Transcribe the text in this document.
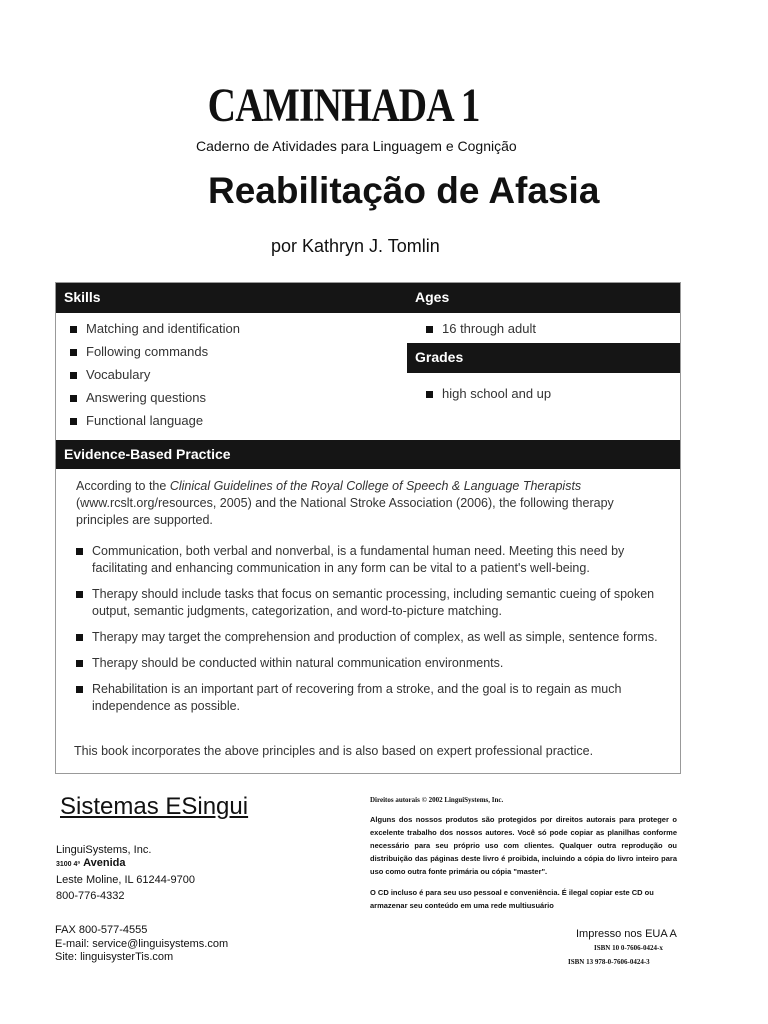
CAMINHADA 1
Caderno de Atividades para Linguagem e Cognição
Reabilitação de Afasia
por Kathryn J. Tomlin
Skills	Ages
Matching and identification
Following commands
Vocabulary
Answering questions
Functional language
16 through adult
Grades
high school and up
Evidence-Based Practice
According to the Clinical Guidelines of the Royal College of Speech & Language Therapists (www.rcslt.org/resources, 2005) and the National Stroke Association (2006), the following therapy principles are supported.
Communication, both verbal and nonverbal, is a fundamental human need. Meeting this need by facilitating and enhancing communication in any form can be vital to a patient's well-being.
Therapy should include tasks that focus on semantic processing, including semantic cueing of spoken output, semantic judgments, categorization, and word-to-picture matching.
Therapy may target the comprehension and production of complex, as well as simple, sentence forms.
Therapy should be conducted within natural communication environments.
Rehabilitation is an important part of recovering from a stroke, and the goal is to regain as much independence as possible.
This book incorporates the above principles and is also based on expert professional practice.
Sistemas ESingui
LinguiSystems, Inc.
3100 4ª Avenida
Leste Moline, IL 61244-9700
800-776-4332
FAX 800-577-4555
E-mail: service@linguisystems.com
Site: linguisysterTis.com
Direitos autorais © 2002 LinguiSystems, Inc.
Alguns dos nossos produtos são protegidos por direitos autorais para proteger o excelente trabalho dos nossos autores. Você só pode copiar as planilhas conforme necessário para seu próprio uso com clientes. Qualquer outra reprodução ou distribuição das páginas deste livro é proibida, incluindo a cópia do livro inteiro para uso como outra fonte primária ou cópia "master".
O CD incluso é para seu uso pessoal e conveniência. É ilegal copiar este CD ou armazenar seu conteúdo em uma rede multiusuário
Impresso nos EUA A
ISBN 10 0-7606-0424-x
ISBN 13 978-0-7606-0424-3
